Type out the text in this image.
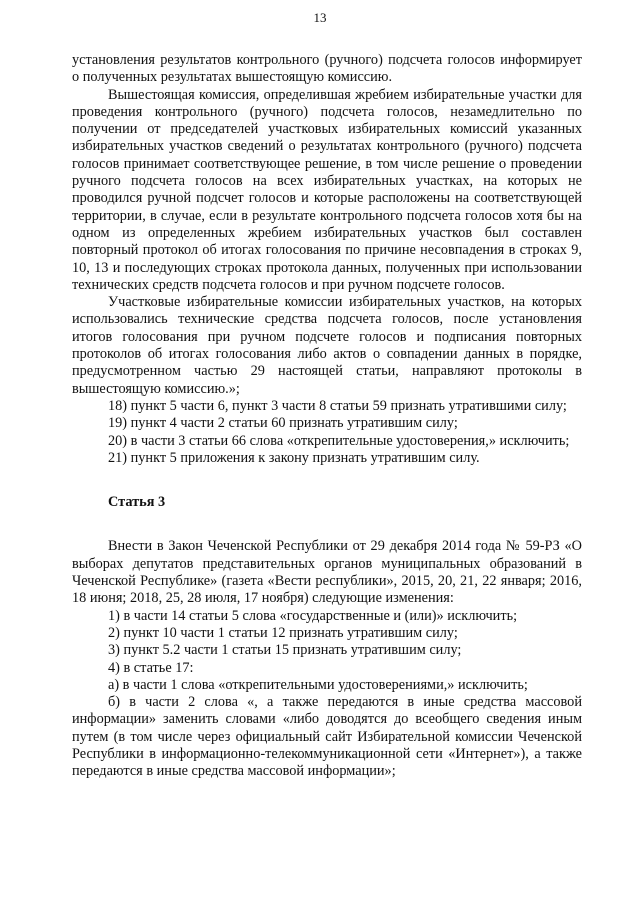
13

установления результатов контрольного (ручного) подсчета голосов информирует о полученных результатах вышестоящую комиссию.

Вышестоящая комиссия, определившая жребием избирательные участки для проведения контрольного (ручного) подсчета голосов, незамедлительно по получении от председателей участковых избирательных комиссий указанных избирательных участков сведений о результатах контрольного (ручного) подсчета голосов принимает соответствующее решение, в том числе решение о проведении ручного подсчета голосов на всех избирательных участках, на которых не проводился ручной подсчет голосов и которые расположены на соответствующей территории, в случае, если в результате контрольного подсчета голосов хотя бы на одном из определенных жребием избирательных участков был составлен повторный протокол об итогах голосования по причине несовпадения в строках 9, 10, 13 и последующих строках протокола данных, полученных при использовании технических средств подсчета голосов и при ручном подсчете голосов.

Участковые избирательные комиссии избирательных участков, на которых использовались технические средства подсчета голосов, после установления итогов голосования при ручном подсчете голосов и подписания повторных протоколов об итогах голосования либо актов о совпадении данных в порядке, предусмотренном частью 29 настоящей статьи, направляют протоколы в вышестоящую комиссию.»;

18) пункт 5 части 6, пункт 3 части 8 статьи 59 признать утратившими силу;

19) пункт 4 части 2 статьи 60 признать утратившим силу;

20) в части 3 статьи 66 слова «открепительные удостоверения,» исключить;

21) пункт 5 приложения к закону признать утратившим силу.

Статья 3

Внести в Закон Чеченской Республики от 29 декабря 2014 года № 59-РЗ «О выборах депутатов представительных органов муниципальных образований в Чеченской Республике» (газета «Вести республики», 2015, 20, 21, 22 января; 2016, 18 июня; 2018, 25, 28 июля, 17 ноября) следующие изменения:

1) в части 14 статьи 5 слова «государственные и (или)» исключить;

2) пункт 10 части 1 статьи 12 признать утратившим силу;

3) пункт 5.2 части 1 статьи 15 признать утратившим силу;

4) в статье 17:

а) в части 1 слова «открепительными удостоверениями,» исключить;

б) в части 2 слова «, а также передаются в иные средства массовой информации» заменить словами «либо доводятся до всеобщего сведения иным путем (в том числе через официальный сайт Избирательной комиссии Чеченской Республики в информационно-телекоммуникационной сети «Интернет»), а также передаются в иные средства массовой информации»;
